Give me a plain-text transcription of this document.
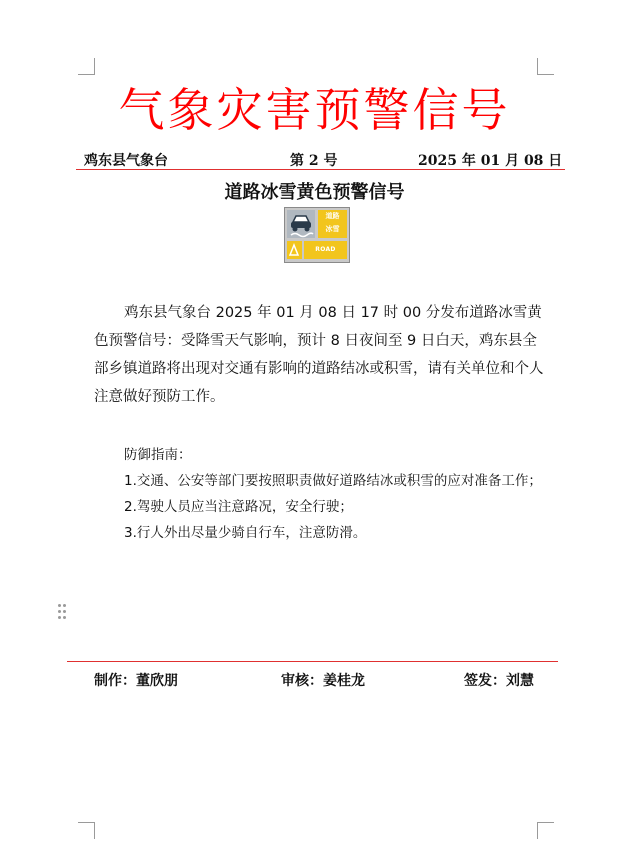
气象灾害预警信号
鸡东县气象台	第 2 号	2025 年 01 月 08 日
道路冰雪黄色预警信号
道路
冰雪
ROAD ICING

鸡东县气象台 2025 年 01 月 08 日 17 时 00 分发布道路冰雪黄色预警信号：受降雪天气影响，预计 8 日夜间至 9 日白天，鸡东县全部乡镇道路将出现对交通有影响的道路结冰或积雪，请有关单位和个人注意做好预防工作。

防御指南：

1.交通、公安等部门要按照职责做好道路结冰或积雪的应对准备工作；

2.驾驶人员应当注意路况，安全行驶；

3.行人外出尽量少骑自行车，注意防滑。

制作：董欣朋	审核：姜桂龙	签发：刘慧
